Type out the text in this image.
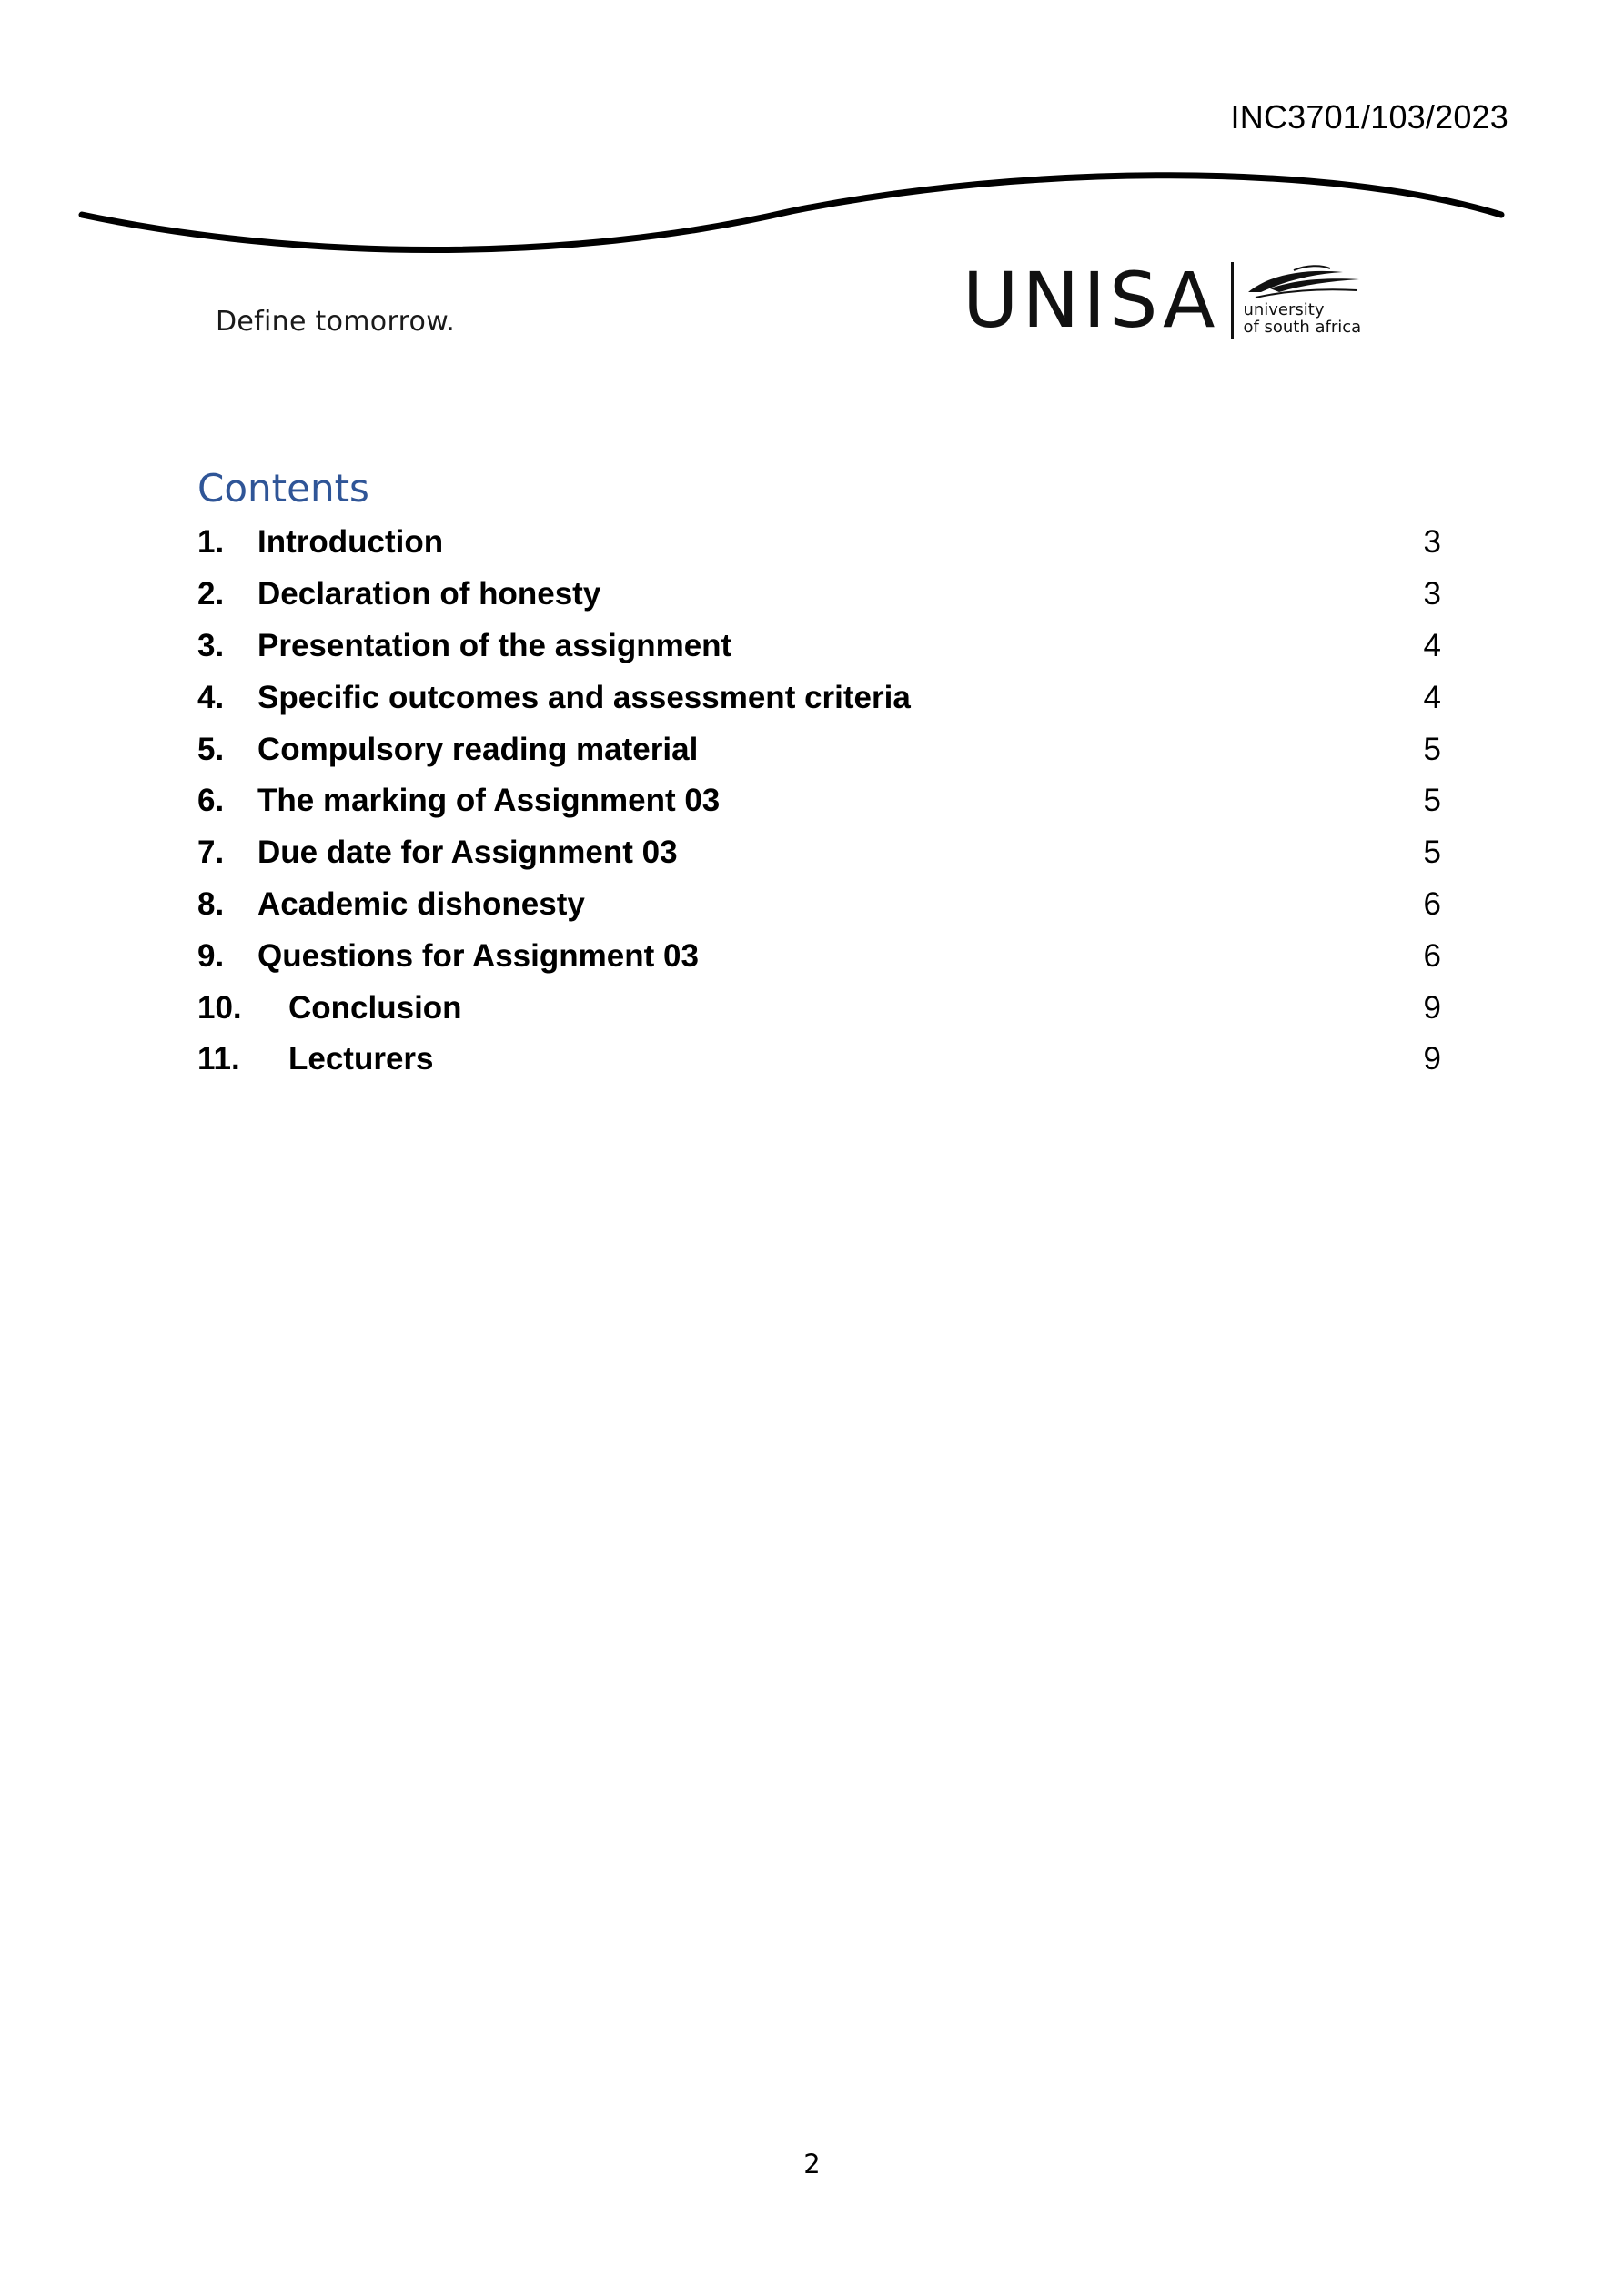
INC3701/103/2023
Define tomorrow.	UNISA university
of south africa
Contents
1.	Introduction	3
2.	Declaration of honesty	3
3.	Presentation of the assignment	4
4.	Specific outcomes and assessment criteria	4
5.	Compulsory reading material	5
6.	The marking of Assignment 03	5
7.	Due date for Assignment 03	5
8.	Academic dishonesty	6
9.	Questions for Assignment 03	6
10.	Conclusion	9
11.	Lecturers	9
2
